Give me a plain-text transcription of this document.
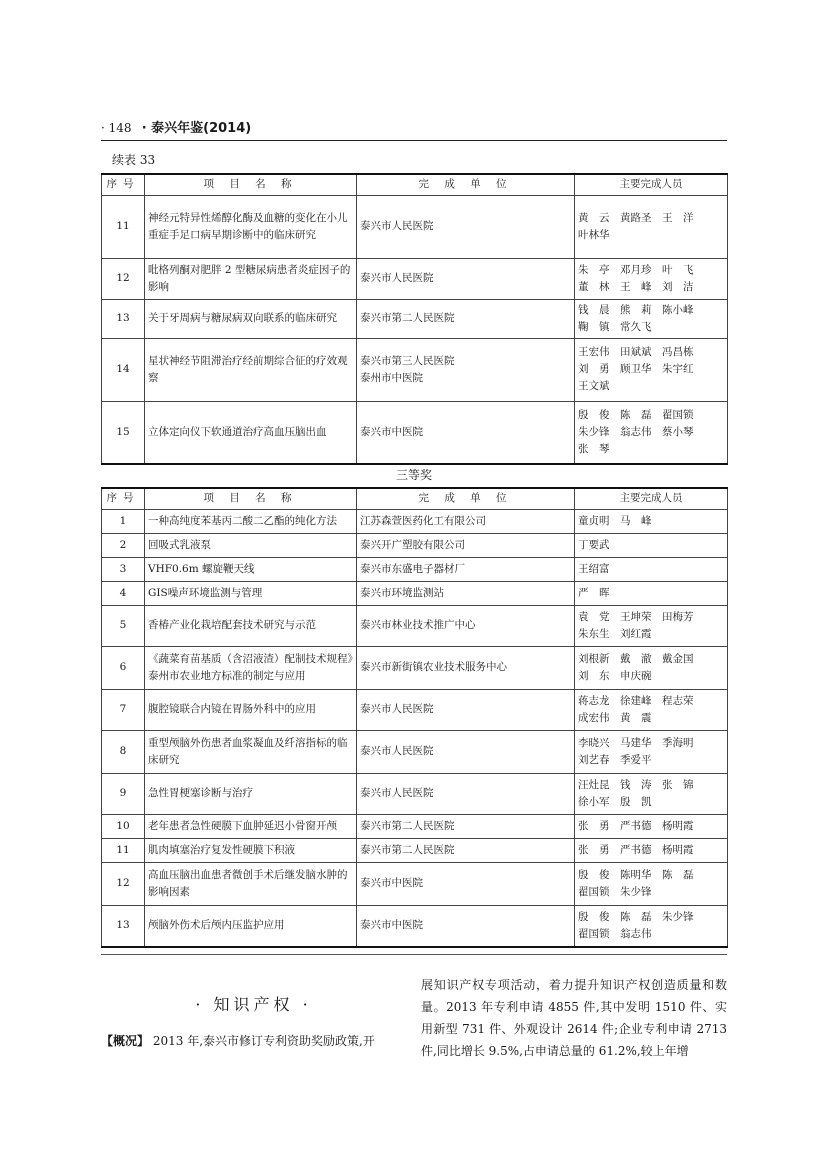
· 148 · 泰兴年鉴(2014)
续表 33
序号	项 目 名 称	完 成 单 位	主要完成人员
11	神经元特异性烯醇化酶及血糖的变化在小儿重症手足口病早期诊断中的临床研究	泰兴市人民医院	黄　云　黄路圣　王　洋
叶林华
12	吡格列酮对肥胖 2 型糖尿病患者炎症因子的影响	泰兴市人民医院	朱　亭　邓月珍　叶　飞
董　林　王　峰　刘　洁
13	关于牙周病与糖尿病双向联系的临床研究	泰兴市第二人民医院	钱　晨　熊　莉　陈小峰
鞠　镇　常久飞
14	星状神经节阻滞治疗经前期综合征的疗效观察	泰兴市第三人民医院
泰州市中医院	王宏伟　田斌斌　冯昌栋
刘　勇　顾卫华　朱宇红
王文斌
15	立体定向仪下软通道治疗高血压脑出血	泰兴市中医院	殷　俊　陈　磊　翟国锁
朱少锋　翁志伟　蔡小琴
张　琴
三等奖
序号	项 目 名 称	完 成 单 位	主要完成人员
1	一种高纯度苯基丙二酸二乙酯的纯化方法	江苏森萱医药化工有限公司	童贞明　马　峰
2	回吸式乳液泵	泰兴开广塑胶有限公司	丁要武
3	VHF0.6m 螺旋鞭天线	泰兴市东盛电子器材厂	王绍富
4	GIS噪声环境监测与管理	泰兴市环境监测站	严　晖
5	香椿产业化栽培配套技术研究与示范	泰兴市林业技术推广中心	袁　党　王坤荣　田梅芳
朱东生　刘红霞
6	《蔬菜育苗基质（含沼液渣）配制技术规程》泰州市农业地方标准的制定与应用	泰兴市新街镇农业技术服务中心	刘根新　戴　澈　戴金国
刘　东　申庆碗
7	腹腔镜联合内镜在胃肠外科中的应用	泰兴市人民医院	蒋志龙　徐建峰　程志荣
成宏伟　黄　震
8	重型颅脑外伤患者血浆凝血及纤溶指标的临床研究	泰兴市人民医院	李晓兴　马建华　季海明
刘艺春　季爱平
9	急性胃梗塞诊断与治疗	泰兴市人民医院	汪灶昆　钱　涛　张　锦
徐小军　殷　凯
10	老年患者急性硬膜下血肿延迟小骨窗开颅	泰兴市第二人民医院	张　勇　严书德　杨明霞
11	肌肉填塞治疗复发性硬膜下积液	泰兴市第二人民医院	张　勇　严书德　杨明霞
12	高血压脑出血患者微创手术后继发脑水肿的影响因素	泰兴市中医院	殷　俊　陈明华　陈　磊
翟国锁　朱少锋
13	颅脑外伤术后颅内压监护应用	泰兴市中医院	殷　俊　陈　磊　朱少锋
翟国锁　翁志伟
· 知识产权 ·
【概况】 2013 年,泰兴市修订专利资助奖励政策,开
展知识产权专项活动，着力提升知识产权创造质量和数量。2013 年专利申请 4855 件,其中发明 1510 件、实用新型 731 件、外观设计 2614 件;企业专利申请 2713 件,同比增长 9.5%,占申请总量的 61.2%,较上年增
